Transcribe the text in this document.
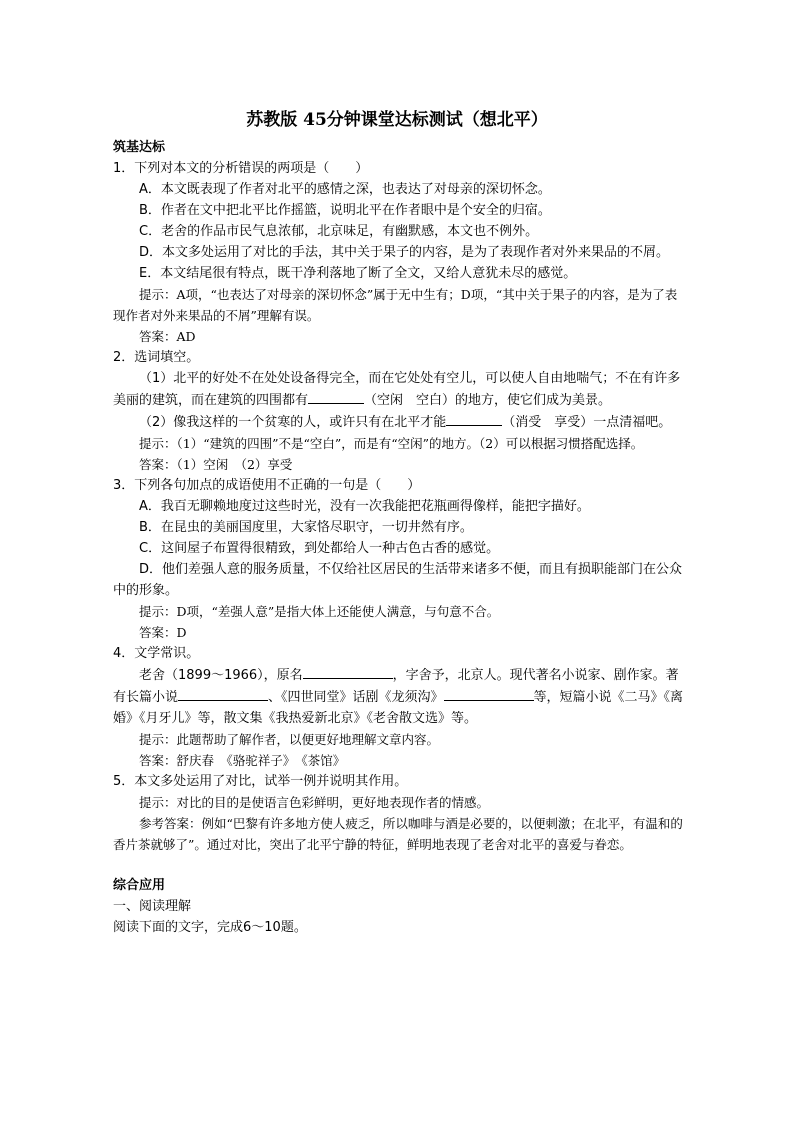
苏教版 45分钟课堂达标测试（想北平）

筑基达标

1．下列对本文的分析错误的两项是（　　）

A．本文既表现了作者对北平的感情之深，也表达了对母亲的深切怀念。

B．作者在文中把北平比作摇篮，说明北平在作者眼中是个安全的归宿。

C．老舍的作品市民气息浓郁，北京味足，有幽默感，本文也不例外。

D．本文多处运用了对比的手法，其中关于果子的内容，是为了表现作者对外来果品的不屑。

E．本文结尾很有特点，既干净利落地了断了全文，又给人意犹未尽的感觉。

提示：A项，“也表达了对母亲的深切怀念”属于无中生有；D项，“其中关于果子的内容，是为了表现作者对外来果品的不屑”理解有误。

答案：AD

2．选词填空。

（1）北平的好处不在处处设备得完全，而在它处处有空儿，可以使人自由地喘气；不在有许多美丽的建筑，而在建筑的四围都有	（空闲　空白）的地方，使它们成为美景。

（2）像我这样的一个贫寒的人，或许只有在北平才能	（消受　享受）一点清福吧。

提示：（1）“建筑的四围”不是“空白”，而是有“空闲”的地方。（2）可以根据习惯搭配选择。

答案：（1）空闲　（2）享受

3．下列各句加点的成语使用不正确的一句是（　　）

A．我百无聊赖地度过这些时光，没有一次我能把花瓶画得像样，能把字描好。

B．在昆虫的美丽国度里，大家恪尽职守，一切井然有序。

C．这间屋子布置得很精致，到处都给人一种古色古香的感觉。

D．他们差强人意的服务质量，不仅给社区居民的生活带来诸多不便，而且有损职能部门在公众中的形象。

提示：D项，“差强人意”是指大体上还能使人满意，与句意不合。

答案：D

4．文学常识。

老舍（1899～1966），原名	，字舍予，北京人。现代著名小说家、剧作家。著有长篇小说	、《四世同堂》话剧《龙须沟》	等，短篇小说《二马》《离婚》《月牙儿》等，散文集《我热爱新北京》《老舍散文选》等。

提示：此题帮助了解作者，以便更好地理解文章内容。

答案：舒庆春　《骆驼祥子》　《茶馆》

5．本文多处运用了对比，试举一例并说明其作用。

提示：对比的目的是使语言色彩鲜明，更好地表现作者的情感。

参考答案：例如“巴黎有许多地方使人疲乏，所以咖啡与酒是必要的，以便刺激；在北平，有温和的香片茶就够了”。通过对比，突出了北平宁静的特征，鲜明地表现了老舍对北平的喜爱与眷恋。

综合应用

一、阅读理解

阅读下面的文字，完成6～10题。
